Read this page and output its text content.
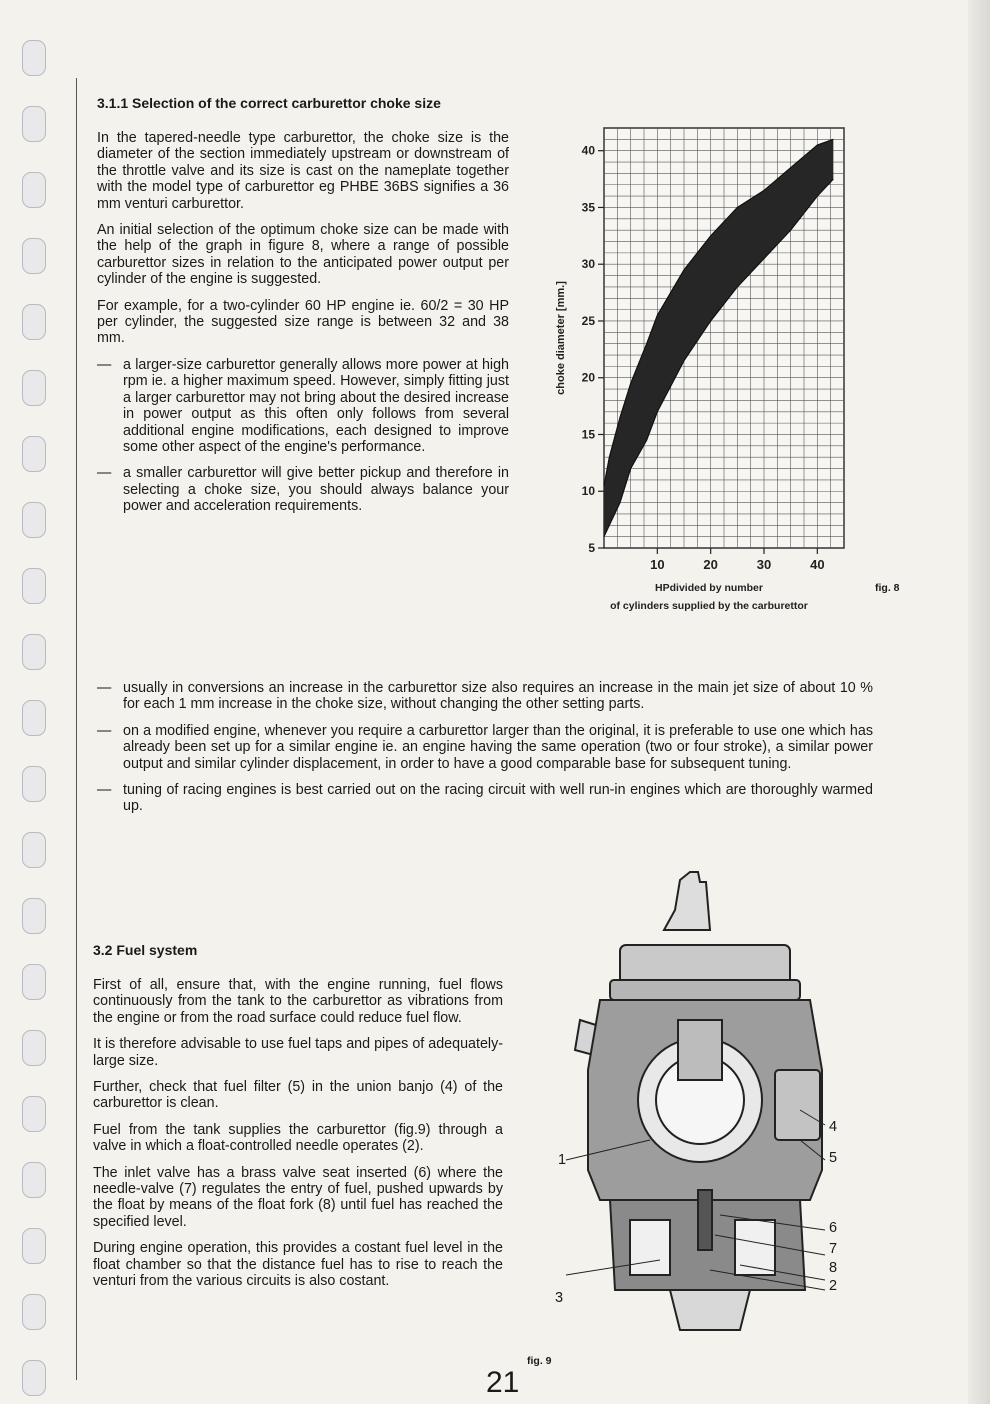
3.1.1 Selection of the correct carburettor choke size

In the tapered-needle type carburettor, the choke size is the diameter of the section immediately upstream or downstream of the throttle valve and its size is cast on the nameplate together with the model type of carburettor eg PHBE 36BS signifies a 36 mm venturi carburettor.

An initial selection of the optimum choke size can be made with the help of the graph in figure 8, where a range of possible carburettor sizes in relation to the anticipated power output per cylinder of the engine is suggested.

For example, for a two-cylinder 60 HP engine ie. 60/2 = 30 HP per cylinder, the suggested size range is between 32 and 38 mm.

— a larger-size carburettor generally allows more power at high rpm ie. a higher maximum speed. However, simply fitting just a larger carburettor may not bring about the desired increase in power output as this often only follows from several additional engine modifications, each designed to improve some other aspect of the engine's performance.
— a smaller carburettor will give better pickup and therefore in selecting a choke size, you should always balance your power and acceleration requirements.
— usually in conversions an increase in the carburettor size also requires an increase in the main jet size of about 10 % for each 1 mm increase in the choke size, without changing the other setting parts.
— on a modified engine, whenever you require a carburettor larger than the original, it is preferable to use one which has already been set up for a similar engine ie. an engine having the same operation (two or four stroke), a similar power output and similar cylinder displacement, in order to have a good comparable base for subsequent tuning.
— tuning of racing engines is best carried out on the racing circuit with well run-in engines which are thoroughly warmed up.
3.2 Fuel system

First of all, ensure that, with the engine running, fuel flows continuously from the tank to the carburettor as vibrations from the engine or from the road surface could reduce fuel flow.

It is therefore advisable to use fuel taps and pipes of adequately-large size.

Further, check that fuel filter (5) in the union banjo (4) of the carburettor is clean.

Fuel from the tank supplies the carburettor (fig.9) through a valve in which a float-controlled needle operates (2).

The inlet valve has a brass valve seat inserted (6) where the needle-valve (7) regulates the entry of fuel, pushed upwards by the float by means of the float fork (8) until fuel has reached the specified level.

During engine operation, this provides a costant fuel level in the float chamber so that the distance fuel has to rise to reach the venturi from the various circuits is also costant.

5
10
15
20
25
30
35
40
10	20	30	40
choke diameter [mm.]
HPdivided by number
of cylinders supplied by the carburettor
fig. 8
1
3
4
5
6
7
8
2
fig. 9
21
